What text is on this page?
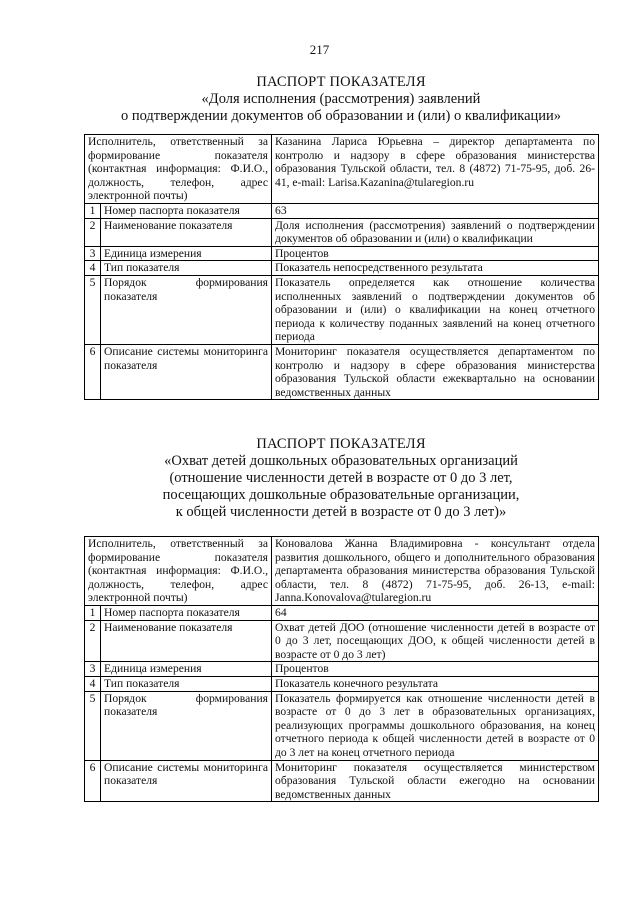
217
ПАСПОРТ ПОКАЗАТЕЛЯ
«Доля исполнения (рассмотрения) заявлений
о подтверждении документов об образовании и (или) о квалификации»
Исполнитель, ответственный за формирование показателя (контактная информация: Ф.И.О., должность, телефон, адрес электронной почты)		Казанина Лариса Юрьевна – директор департамента по контролю и надзору в сфере образования министерства образования Тульской области, тел. 8 (4872) 71-75-95, доб. 26-41, e-mail: Larisa.Kazanina@tularegion.ru
1	Номер паспорта показателя	63
2	Наименование показателя	Доля исполнения (рассмотрения) заявлений о подтверждении документов об образовании и (или) о квалификации
3	Единица измерения	Процентов
4	Тип показателя	Показатель непосредственного результата
5	Порядок формирования показателя	Показатель определяется как отношение количества исполненных заявлений о подтверждении документов об образовании и (или) о квалификации на конец отчетного периода к количеству поданных заявлений на конец отчетного периода
6	Описание системы мониторинга показателя	Мониторинг показателя осуществляется департаментом по контролю и надзору в сфере образования министерства образования Тульской области ежеквартально на основании ведомственных данных
ПАСПОРТ ПОКАЗАТЕЛЯ
«Охват детей дошкольных образовательных организаций
(отношение численности детей в возрасте от 0 до 3 лет,
посещающих дошкольные образовательные организации,
к общей численности детей в возрасте от 0 до 3 лет)»
Исполнитель, ответственный за формирование показателя (контактная информация: Ф.И.О., должность, телефон, адрес электронной почты)		Коновалова Жанна Владимировна - консультант отдела развития дошкольного, общего и дополнительного образования департамента образования министерства образования Тульской области, тел. 8 (4872) 71-75-95, доб. 26-13, e-mail: Janna.Konovalova@tularegion.ru
1	Номер паспорта показателя	64
2	Наименование показателя	Охват детей ДОО (отношение численности детей в возрасте от 0 до 3 лет, посещающих ДОО, к общей численности детей в возрасте от 0 до 3 лет)
3	Единица измерения	Процентов
4	Тип показателя	Показатель конечного результата
5	Порядок формирования показателя	Показатель формируется как отношение численности детей в возрасте от 0 до 3 лет в образовательных организациях, реализующих программы дошкольного образования, на конец отчетного периода к общей численности детей в возрасте от 0 до 3 лет на конец отчетного периода
6	Описание системы мониторинга показателя	Мониторинг показателя осуществляется министерством образования Тульской области ежегодно на основании ведомственных данных
